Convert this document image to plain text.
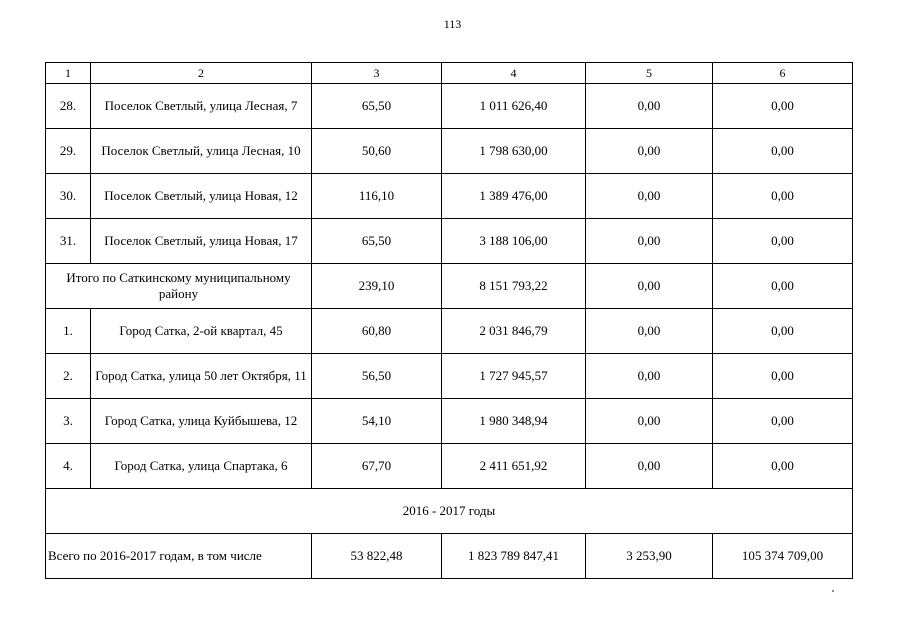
113
1	2	3	4	5	6
28.	Поселок Светлый, улица Лесная, 7	65,50	1 011 626,40	0,00	0,00
29.	Поселок Светлый, улица Лесная, 10	50,60	1 798 630,00	0,00	0,00
30.	Поселок Светлый, улица Новая, 12	116,10	1 389 476,00	0,00	0,00
31.	Поселок Светлый, улица Новая, 17	65,50	3 188 106,00	0,00	0,00
Итого по Саткинскому муниципальному району		239,10	8 151 793,22	0,00	0,00
1.	Город Сатка, 2-ой квартал, 45	60,80	2 031 846,79	0,00	0,00
2.	Город Сатка, улица 50 лет Октября, 11	56,50	1 727 945,57	0,00	0,00
3.	Город Сатка, улица Куйбышева, 12	54,10	1 980 348,94	0,00	0,00
4.	Город Сатка, улица Спартака, 6	67,70	2 411 651,92	0,00	0,00
2016 - 2017 годы					
Всего по 2016-2017 годам, в том числе		53 822,48	1 823 789 847,41	3 253,90	105 374 709,00
